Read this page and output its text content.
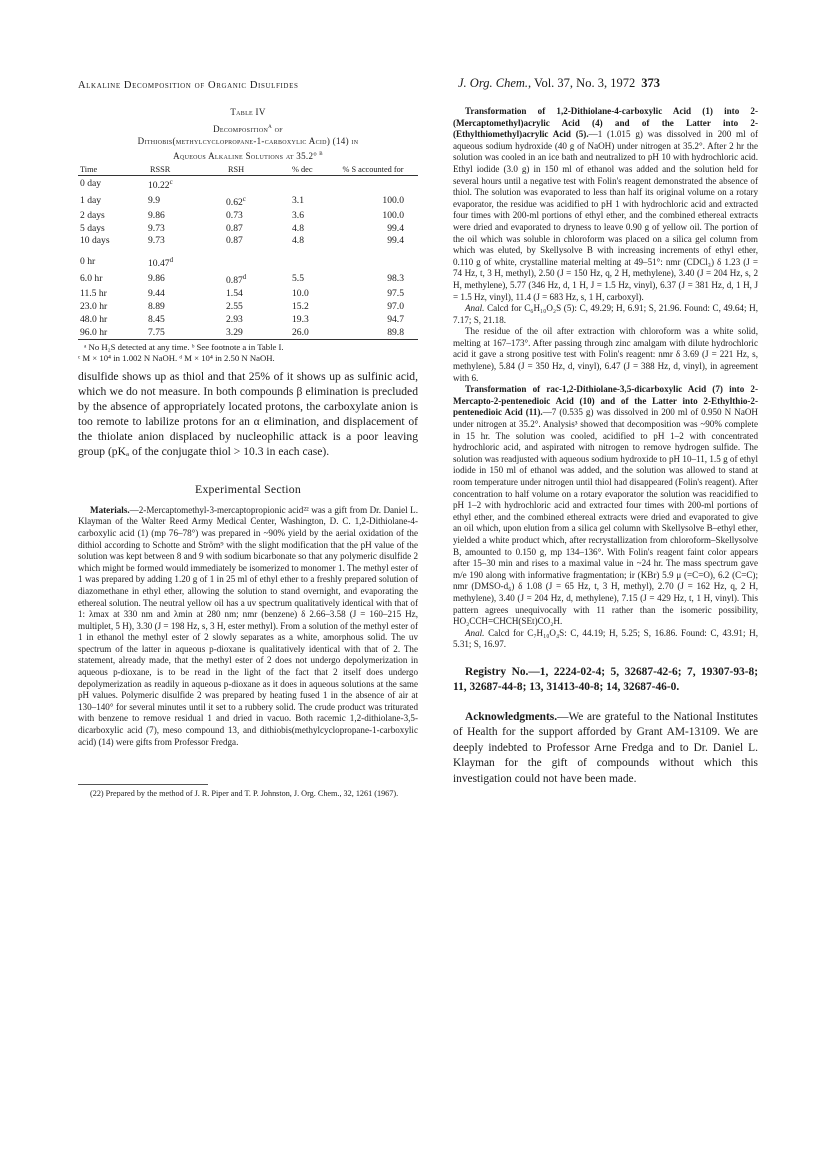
Alkaline Decomposition of Organic Disulfides	J. Org. Chem., Vol. 37, No. 3, 1972 373
Table IV
Decomposition$^a$ of
Dithiobis(methylcyclopropane-1-carboxylic Acid) (14) in
Aqueous Alkaline Solutions at 35.2° $^b$
Time	RSSR	RSH	% dec	% S accounted for
0 day	10.22$^c$			
1 day	9.9	0.62$^c$	3.1	100.0
2 days	9.86	0.73	3.6	100.0
5 days	9.73	0.87	4.8	99.4
10 days	9.73	0.87	4.8	99.4
0 hr	10.47$^d$			
6.0 hr	9.86	0.87$^d$	5.5	98.3
11.5 hr	9.44	1.54	10.0	97.5
23.0 hr	8.89	2.55	15.2	97.0
48.0 hr	8.45	2.93	19.3	94.7
96.0 hr	7.75	3.29	26.0	89.8
ᵃ No H₂S detected at any time. ᵇ See footnote a in Table I.
ᶜ M × 10⁴ in 1.002 N NaOH. ᵈ M × 10⁴ in 2.50 N NaOH.

disulfide shows up as thiol and that 25% of it shows up as sulfinic acid, which we do not measure. In both compounds β elimination is precluded by the absence of appropriately located protons, the carboxylate anion is too remote to labilize protons for an α elimination, and displacement of the thiolate anion displaced by nucleophilic attack is a poor leaving group (pKₐ of the conjugate thiol > 10.3 in each case).

Experimental Section

Materials.—2-Mercaptomethyl-3-mercaptopropionic acid²² was a gift from Dr. Daniel L. Klayman of the Walter Reed Army Medical Center, Washington, D. C. 1,2-Dithiolane-4-carboxylic acid (1) (mp 76–78°) was prepared in ~90% yield by the aerial oxidation of the dithiol according to Schotte and Ström⁹ with the slight modification that the pH value of the solution was kept between 8 and 9 with sodium bicarbonate so that any polymeric disulfide 2 which might be formed would immediately be isomerized to monomer 1. The methyl ester of 1 was prepared by adding 1.20 g of 1 in 25 ml of ethyl ether to a freshly prepared solution of diazomethane in ethyl ether, allowing the solution to stand overnight, and evaporating the ethereal solution. The neutral yellow oil has a uv spectrum qualitatively identical with that of 1: λmax at 330 nm and λmin at 280 nm; nmr (benzene) δ 2.66–3.58 (J = 160–215 Hz, multiplet, 5 H), 3.30 (J = 198 Hz, s, 3 H, ester methyl). From a solution of the methyl ester of 1 in ethanol the methyl ester of 2 slowly separates as a white, amorphous solid. The uv spectrum of the latter in aqueous p-dioxane is qualitatively identical with that of 2. The statement, already made, that the methyl ester of 2 does not undergo depolymerization in aqueous p-dioxane, is to be read in the light of the fact that 2 itself does undergo depolymerization as readily in aqueous p-dioxane as it does in aqueous solutions at the same pH values. Polymeric disulfide 2 was prepared by heating fused 1 in the absence of air at 130–140° for several minutes until it set to a rubbery solid. The crude product was triturated with benzene to remove residual 1 and dried in vacuo. Both racemic 1,2-dithiolane-3,5-dicarboxylic acid (7), meso compound 13, and dithiobis(methylcyclopropane-1-carboxylic acid) (14) were gifts from Professor Fredga.

(22) Prepared by the method of J. R. Piper and T. P. Johnston, J. Org. Chem., 32, 1261 (1967).

Transformation of 1,2-Dithiolane-4-carboxylic Acid (1) into 2-(Mercaptomethyl)acrylic Acid (4) and of the Latter into 2-(Ethylthiomethyl)acrylic Acid (5).—1 (1.015 g) was dissolved in 200 ml of aqueous sodium hydroxide (40 g of NaOH) under nitrogen at 35.2°. After 2 hr the solution was cooled in an ice bath and neutralized to pH 10 with hydrochloric acid. Ethyl iodide (3.0 g) in 150 ml of ethanol was added and the solution held for several hours until a negative test with Folin's reagent demonstrated the absence of thiol. The solution was evaporated to less than half its original volume on a rotary evaporator, the residue was acidified to pH 1 with hydrochloric acid and extracted four times with 200-ml portions of ethyl ether, and the combined ethereal extracts were dried and evaporated to dryness to leave 0.90 g of yellow oil. The portion of the oil which was soluble in chloroform was placed on a silica gel column from which was eluted, by Skellysolve B with increasing increments of ethyl ether, 0.110 g of white, crystalline material melting at 49–51°: nmr (CDCl₃) δ 1.23 (J = 74 Hz, t, 3 H, methyl), 2.50 (J = 150 Hz, q, 2 H, methylene), 3.40 (J = 204 Hz, s, 2 H, methylene), 5.77 (346 Hz, d, 1 H, J = 1.5 Hz, vinyl), 6.37 (J = 381 Hz, d, 1 H, J = 1.5 Hz, vinyl), 11.4 (J = 683 Hz, s, 1 H, carboxyl).

Anal. Calcd for C₆H₁₀O₂S (5): C, 49.29; H, 6.91; S, 21.96. Found: C, 49.64; H, 7.17; S, 21.18.

The residue of the oil after extraction with chloroform was a white solid, melting at 167–173°. After passing through zinc amalgam with dilute hydrochloric acid it gave a strong positive test with Folin's reagent: nmr δ 3.69 (J = 221 Hz, s, methylene), 5.84 (J = 350 Hz, d, vinyl), 6.47 (J = 388 Hz, d, vinyl), in agreement with 6.

Transformation of rac-1,2-Dithiolane-3,5-dicarboxylic Acid (7) into 2-Mercapto-2-pentenedioic Acid (10) and of the Latter into 2-Ethylthio-2-pentenedioic Acid (11).—7 (0.535 g) was dissolved in 200 ml of 0.950 N NaOH under nitrogen at 35.2°. Analysis³ showed that decomposition was ~90% complete in 15 hr. The solution was cooled, acidified to pH 1–2 with concentrated hydrochloric acid, and aspirated with nitrogen to remove hydrogen sulfide. The solution was readjusted with aqueous sodium hydroxide to pH 10–11, 1.5 g of ethyl iodide in 150 ml of ethanol was added, and the solution was allowed to stand at room temperature under nitrogen until thiol had disappeared (Folin's reagent). After concentration to half volume on a rotary evaporator the solution was reacidified to pH 1–2 with hydrochloric acid and extracted four times with 200-ml portions of ethyl ether, and the combined ethereal extracts were dried and evaporated to give an oil which, upon elution from a silica gel column with Skellysolve B–ethyl ether, yielded a white product which, after recrystallization from chloroform–Skellysolve B, amounted to 0.150 g, mp 134–136°. With Folin's reagent faint color appears after 15–30 min and rises to a maximal value in ~24 hr. The mass spectrum gave m/e 190 along with informative fragmentation; ir (KBr) 5.9 μ (=C=O), 6.2 (C=C); nmr (DMSO-d₆) δ 1.08 (J = 65 Hz, t, 3 H, methyl), 2.70 (J = 162 Hz, q, 2 H, methylene), 3.40 (J = 204 Hz, d, methylene), 7.15 (J = 429 Hz, t, 1 H, vinyl). This pattern agrees unequivocally with 11 rather than the isomeric possibility, HO₂CCH=CHCH(SEt)CO₂H.

Anal. Calcd for C₇H₁₀O₄S: C, 44.19; H, 5.25; S, 16.86. Found: C, 43.91; H, 5.31; S, 16.97.

Registry No.—1, 2224-02-4; 5, 32687-42-6; 7, 19307-93-8; 11, 32687-44-8; 13, 31413-40-8; 14, 32687-46-0.

Acknowledgments.—We are grateful to the National Institutes of Health for the support afforded by Grant AM-13109. We are deeply indebted to Professor Arne Fredga and to Dr. Daniel L. Klayman for the gift of compounds without which this investigation could not have been made.
